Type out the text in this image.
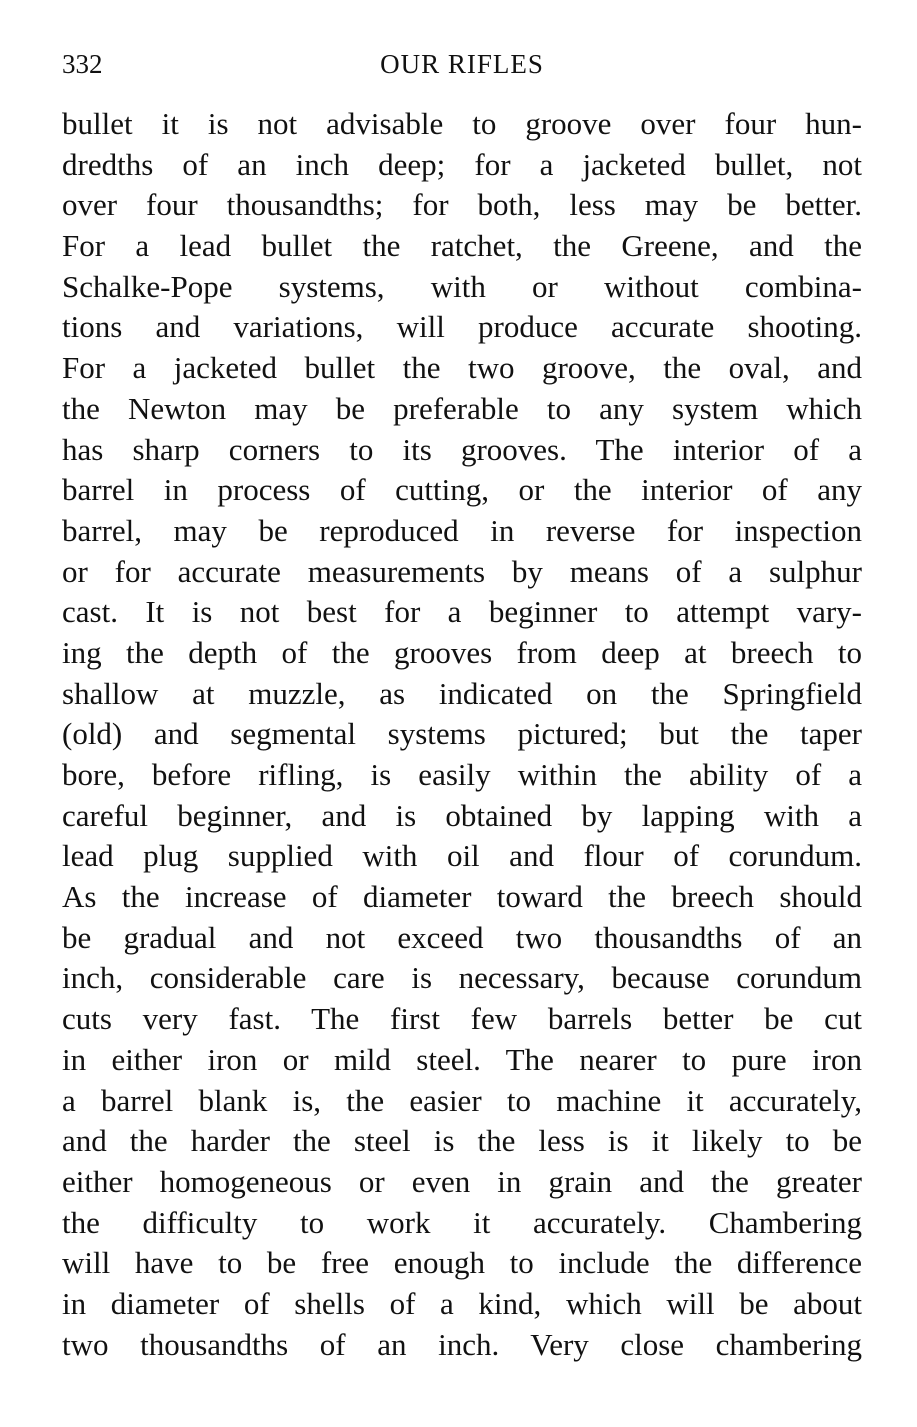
332	OUR RIFLES
bullet it is not advisable to groove over four hun-
dredths of an inch deep; for a jacketed bullet, not
over four thousandths; for both, less may be better.
For a lead bullet the ratchet, the Greene, and the
Schalke-Pope systems, with or without combina-
tions and variations, will produce accurate shooting.
For a jacketed bullet the two groove, the oval, and
the Newton may be preferable to any system which
has sharp corners to its grooves. The interior of a
barrel in process of cutting, or the interior of any
barrel, may be reproduced in reverse for inspection
or for accurate measurements by means of a sulphur
cast. It is not best for a beginner to attempt vary-
ing the depth of the grooves from deep at breech to
shallow at muzzle, as indicated on the Springfield
(old) and segmental systems pictured; but the taper
bore, before rifling, is easily within the ability of a
careful beginner, and is obtained by lapping with a
lead plug supplied with oil and flour of corundum.
As the increase of diameter toward the breech should
be gradual and not exceed two thousandths of an
inch, considerable care is necessary, because corundum
cuts very fast. The first few barrels better be cut
in either iron or mild steel. The nearer to pure iron
a barrel blank is, the easier to machine it accurately,
and the harder the steel is the less is it likely to be
either homogeneous or even in grain and the greater
the difficulty to work it accurately. Chambering
will have to be free enough to include the difference
in diameter of shells of a kind, which will be about
two thousandths of an inch. Very close chambering
